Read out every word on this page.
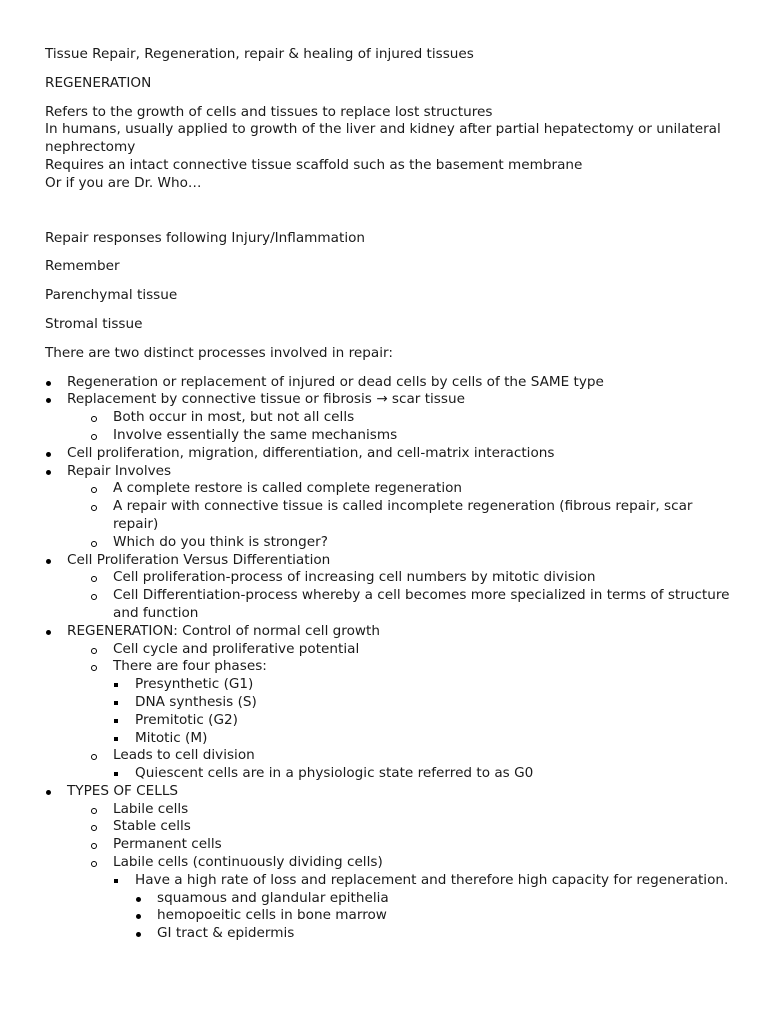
Tissue Repair, Regeneration, repair & healing of injured tissues

REGENERATION

Refers to the growth of cells and tissues to replace lost structures

In humans, usually applied to growth of the liver and kidney after partial hepatectomy or unilateral nephrectomy

Requires an intact connective tissue scaffold such as the basement membrane

Or if you are Dr. Who…

Repair responses following Injury/Inflammation

Remember

Parenchymal tissue

Stromal tissue

There are two distinct processes involved in repair:

Regeneration or replacement of injured or dead cells by cells of the SAME type
Replacement by connective tissue or fibrosis → scar tissue
Both occur in most, but not all cells
Involve essentially the same mechanisms
Cell proliferation, migration, differentiation, and cell-matrix interactions
Repair Involves
A complete restore is called complete regeneration
A repair with connective tissue is called incomplete regeneration (fibrous repair, scar repair)
Which do you think is stronger?
Cell Proliferation Versus Differentiation
Cell proliferation-process of increasing cell numbers by mitotic division
Cell Differentiation-process whereby a cell becomes more specialized in terms of structure and function
REGENERATION: Control of normal cell growth
Cell cycle and proliferative potential
There are four phases:
Presynthetic (G1)
DNA synthesis (S)
Premitotic (G2)
Mitotic (M)
Leads to cell division
Quiescent cells are in a physiologic state referred to as G0
TYPES OF CELLS
Labile cells
Stable cells
Permanent cells
Labile cells (continuously dividing cells)
Have a high rate of loss and replacement and therefore high capacity for regeneration.
squamous and glandular epithelia
hemopoeitic cells in bone marrow
GI tract & epidermis
